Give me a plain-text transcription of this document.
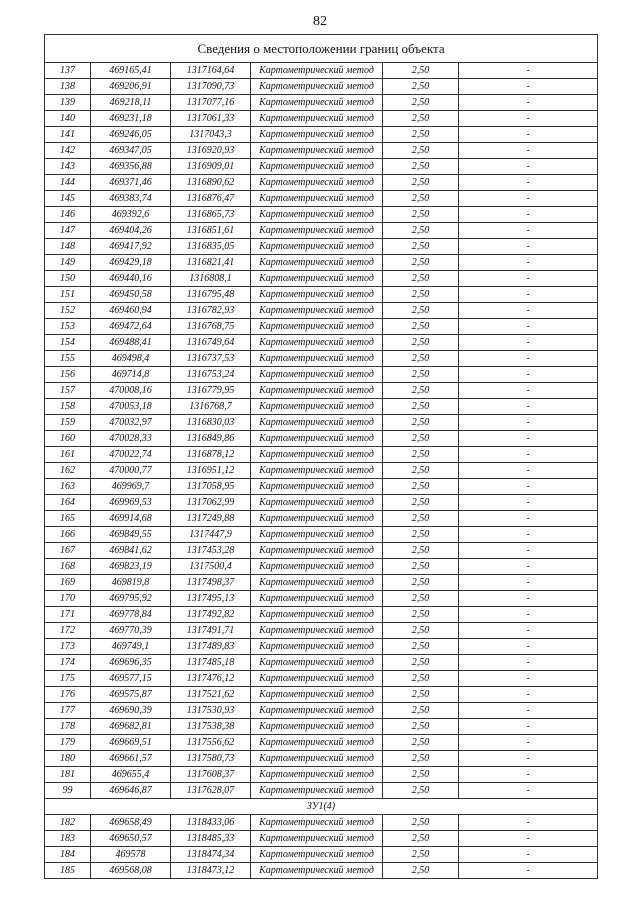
82
Сведения о местоположении границ объекта					
137	469165,41	1317164,64	Картометрический метод	2,50	-
138	469206,91	1317090,73	Картометрический метод	2,50	-
139	469218,11	1317077,16	Картометрический метод	2,50	-
140	469231,18	1317061,33	Картометрический метод	2,50	-
141	469246,05	1317043,3	Картометрический метод	2,50	-
142	469347,05	1316920,93	Картометрический метод	2,50	-
143	469356,88	1316909,01	Картометрический метод	2,50	-
144	469371,46	1316890,62	Картометрический метод	2,50	-
145	469383,74	1316876,47	Картометрический метод	2,50	-
146	469392,6	1316865,73	Картометрический метод	2,50	-
147	469404,26	1316851,61	Картометрический метод	2,50	-
148	469417,92	1316835,05	Картометрический метод	2,50	-
149	469429,18	1316821,41	Картометрический метод	2,50	-
150	469440,16	1316808,1	Картометрический метод	2,50	-
151	469450,58	1316795,48	Картометрический метод	2,50	-
152	469460,94	1316782,93	Картометрический метод	2,50	-
153	469472,64	1316768,75	Картометрический метод	2,50	-
154	469488,41	1316749,64	Картометрический метод	2,50	-
155	469498,4	1316737,53	Картометрический метод	2,50	-
156	469714,8	1316753,24	Картометрический метод	2,50	-
157	470008,16	1316779,95	Картометрический метод	2,50	-
158	470053,18	1316768,7	Картометрический метод	2,50	-
159	470032,97	1316830,03	Картометрический метод	2,50	-
160	470028,33	1316849,86	Картометрический метод	2,50	-
161	470022,74	1316878,12	Картометрический метод	2,50	-
162	470000,77	1316951,12	Картометрический метод	2,50	-
163	469969,7	1317058,95	Картометрический метод	2,50	-
164	469969,53	1317062,99	Картометрический метод	2,50	-
165	469914,68	1317249,88	Картометрический метод	2,50	-
166	469849,55	1317447,9	Картометрический метод	2,50	-
167	469841,62	1317453,28	Картометрический метод	2,50	-
168	469823,19	1317500,4	Картометрический метод	2,50	-
169	469819,8	1317498,37	Картометрический метод	2,50	-
170	469795,92	1317495,13	Картометрический метод	2,50	-
171	469778,84	1317492,82	Картометрический метод	2,50	-
172	469770,39	1317491,71	Картометрический метод	2,50	-
173	469749,1	1317489,83	Картометрический метод	2,50	-
174	469696,35	1317485,18	Картометрический метод	2,50	-
175	469577,15	1317476,12	Картометрический метод	2,50	-
176	469575,87	1317521,62	Картометрический метод	2,50	-
177	469690,39	1317530,93	Картометрический метод	2,50	-
178	469682,81	1317538,38	Картометрический метод	2,50	-
179	469669,51	1317556,62	Картометрический метод	2,50	-
180	469661,57	1317580,73	Картометрический метод	2,50	-
181	469655,4	1317608,37	Картометрический метод	2,50	-
99	469646,87	1317628,07	Картометрический метод	2,50	-
ЗУ1(4)					
182	469658,49	1318433,06	Картометрический метод	2,50	-
183	469650,57	1318485,33	Картометрический метод	2,50	-
184	469578	1318474,34	Картометрический метод	2,50	-
185	469568,08	1318473,12	Картометрический метод	2,50	-
